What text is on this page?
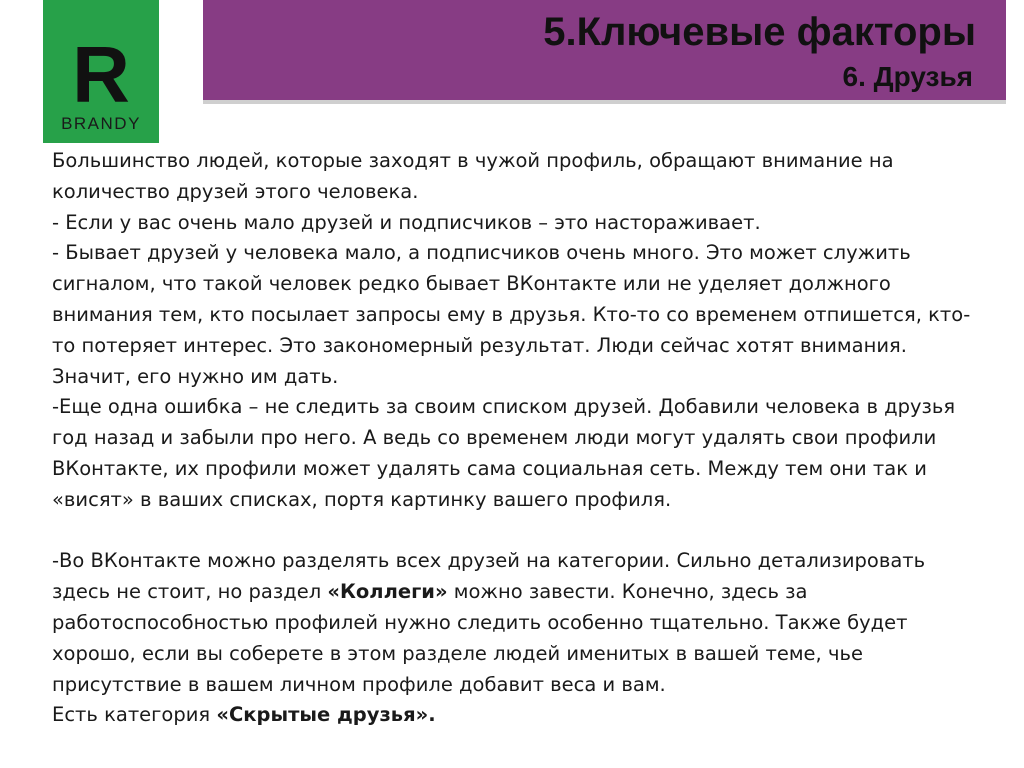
5.Ключевые факторы
6. Друзья
R
BRANDY

Большинство людей, которые заходят в чужой профиль, обращают внимание на количество друзей этого человека.

- Если у вас очень мало друзей и подписчиков – это настораживает.

- Бывает друзей у человека мало, а подписчиков очень много. Это может служить сигналом, что такой человек редко бывает ВКонтакте или не уделяет должного внимания тем, кто посылает запросы ему в друзья. Кто-то со временем отпишется, кто-то потеряет интерес. Это закономерный результат. Люди сейчас хотят внимания. Значит, его нужно им дать.

-Еще одна ошибка – не следить за своим списком друзей. Добавили человека в друзья год назад и забыли про него. А ведь со временем люди могут удалять свои профили ВКонтакте, их профили может удалять сама социальная сеть. Между тем они так и «висят» в ваших списках, портя картинку вашего профиля.

-Во ВКонтакте можно разделять всех друзей на категории. Сильно детализировать здесь не стоит, но раздел «Коллеги» можно завести. Конечно, здесь за работоспособностью профилей нужно следить особенно тщательно. Также будет хорошо, если вы соберете в этом разделе людей именитых в вашей теме, чье присутствие в вашем личном профиле добавит веса и вам.

Есть категория «Скрытые друзья».
